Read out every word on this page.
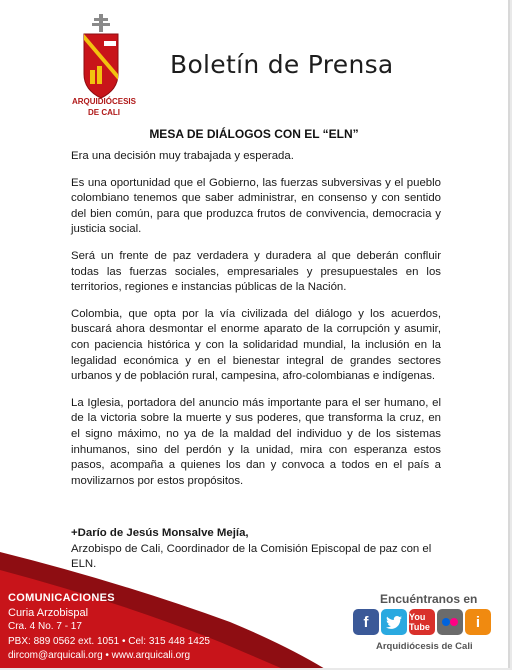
ARQUIDIÓCESIS
DE CALI
Boletín de Prensa
MESA DE DIÁLOGOS CON EL “ELN”

Era una decisión muy trabajada y esperada.

Es una oportunidad que el Gobierno, las fuerzas subversivas y el pueblo colombiano tenemos que saber administrar, en consenso y con sentido del bien común, para que produzca frutos de convivencia, democracia y justicia social.

Será un frente de paz verdadera y duradera al que deberán confluir todas las fuerzas sociales, empresariales y presupuestales en los territorios, regiones e instancias públicas de la Nación.

Colombia, que opta por la vía civilizada del diálogo y los acuerdos, buscará ahora desmontar el enorme aparato de la corrupción y asumir, con paciencia histórica y con la solidaridad mundial, la inclusión en la legalidad económica y en el bienestar integral de grandes sectores urbanos y de población rural, campesina, afro-colombianas e indígenas.

La Iglesia, portadora del anuncio más importante para el ser humano, el de la victoria sobre la muerte y sus poderes, que transforma la cruz, en el signo máximo, no ya de la maldad del individuo y de los sistemas inhumanos, sino del perdón y la unidad, mira con esperanza estos pasos, acompaña a quienes los dan y convoca a todos en el país a movilizarnos por estos propósitos.

+Darío de Jesús Monsalve Mejía,
Arzobispo de Cali, Coordinador de la Comisión Episcopal de paz con el ELN.
COMUNICACIONES
Curia Arzobispal
Cra. 4 No. 7 - 17
PBX: 889 0562 ext. 1051 • Cel: 315 448 1425
dircom@arquicali.org • www.arquicali.org
Encuéntranos en
f	You Tube	i
Arquidiócesis de Cali
